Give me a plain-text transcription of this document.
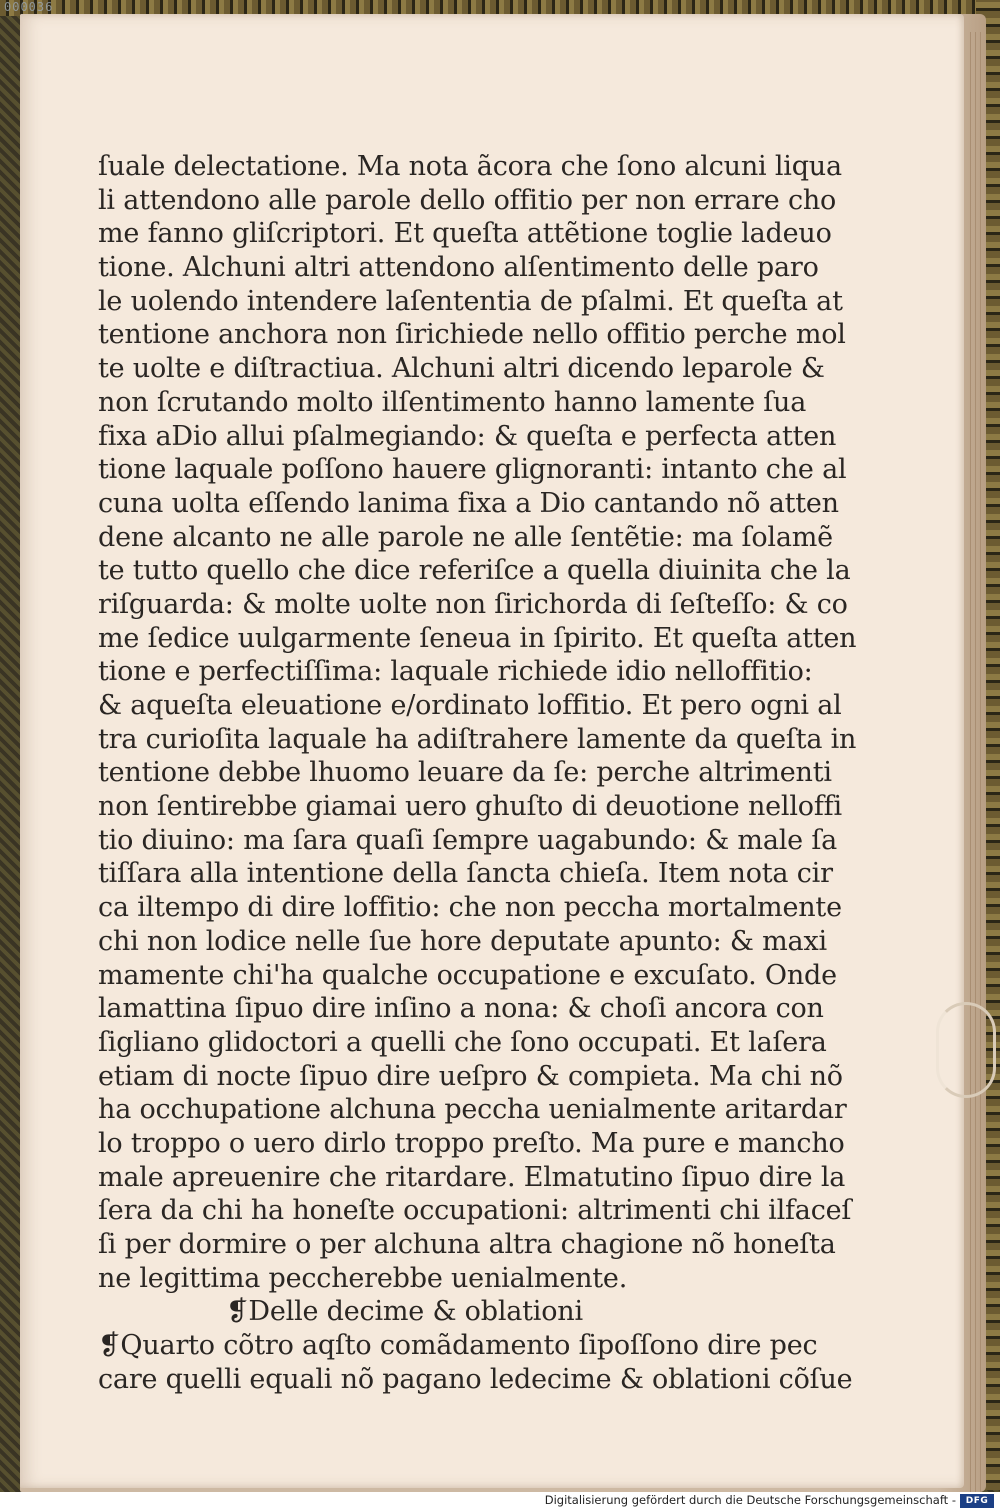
000036
ſuale delectatione. Ma nota ãcora che ſono alcuni liqua
li attendono alle parole dello offitio per non errare cho
me fanno gliſcriptori. Et queſta attẽtione toglie ladeuo
tione. Alchuni altri attendono alſentimento delle paro
le uolendo intendere laſententia de pſalmi. Et queſta at
tentione anchora non ſirichiede nello offitio perche mol
te uolte e diſtractiua. Alchuni altri dicendo leparole &
non ſcrutando molto ilſentimento hanno lamente ſua
fixa aDio allui pſalmegiando: & queſta e perfecta atten
tione laquale poſſono hauere glignoranti: intanto che al
cuna uolta eſſendo lanima fixa a Dio cantando nõ atten
dene alcanto ne alle parole ne alle ſentẽtie: ma ſolamẽ
te tutto quello che dice referiſce a quella diuinita che la
riſguarda: & molte uolte non ſirichorda di ſeſteſſo: & co
me ſedice uulgarmente ſeneua in ſpirito. Et queſta atten
tione e perfectiſſima: laquale richiede idio nelloffitio:
& aqueſta eleuatione e/ordinato loffitio. Et pero ogni al
tra curioſita laquale ha adiſtrahere lamente da queſta in
tentione debbe lhuomo leuare da ſe: perche altrimenti
non ſentirebbe giamai uero ghuſto di deuotione nelloffi
tio diuino: ma ſara quaſi ſempre uagabundo: & male ſa
tiſſara alla intentione della ſancta chieſa. Item nota cir
ca iltempo di dire loffitio: che non peccha mortalmente
chi non lodice nelle ſue hore deputate apunto: & maxi
mamente chi'ha qualche occupatione e excuſato. Onde
lamattina ſipuo dire inſino a nona: & choſi ancora con
ſigliano glidoctori a quelli che ſono occupati. Et laſera
etiam di nocte ſipuo dire ueſpro & compieta. Ma chi nõ
ha occhupatione alchuna peccha uenialmente aritardar
lo troppo o uero dirlo troppo preſto. Ma pure e mancho
male apreuenire che ritardare. Elmatutino ſipuo dire la
ſera da chi ha honeſte occupationi: altrimenti chi ilfaceſ
ſi per dormire o per alchuna altra chagione nõ honeſta
ne legittima peccherebbe uenialmente.
❡Delle decime & oblationi
❡Quarto cõtro aqſto comãdamento ſipoſſono dire pec
care quelli equali nõ pagano ledecime & oblationi cõſue
Digitalisierung gefördert durch die Deutsche Forschungsgemeinschaft -	DFG
